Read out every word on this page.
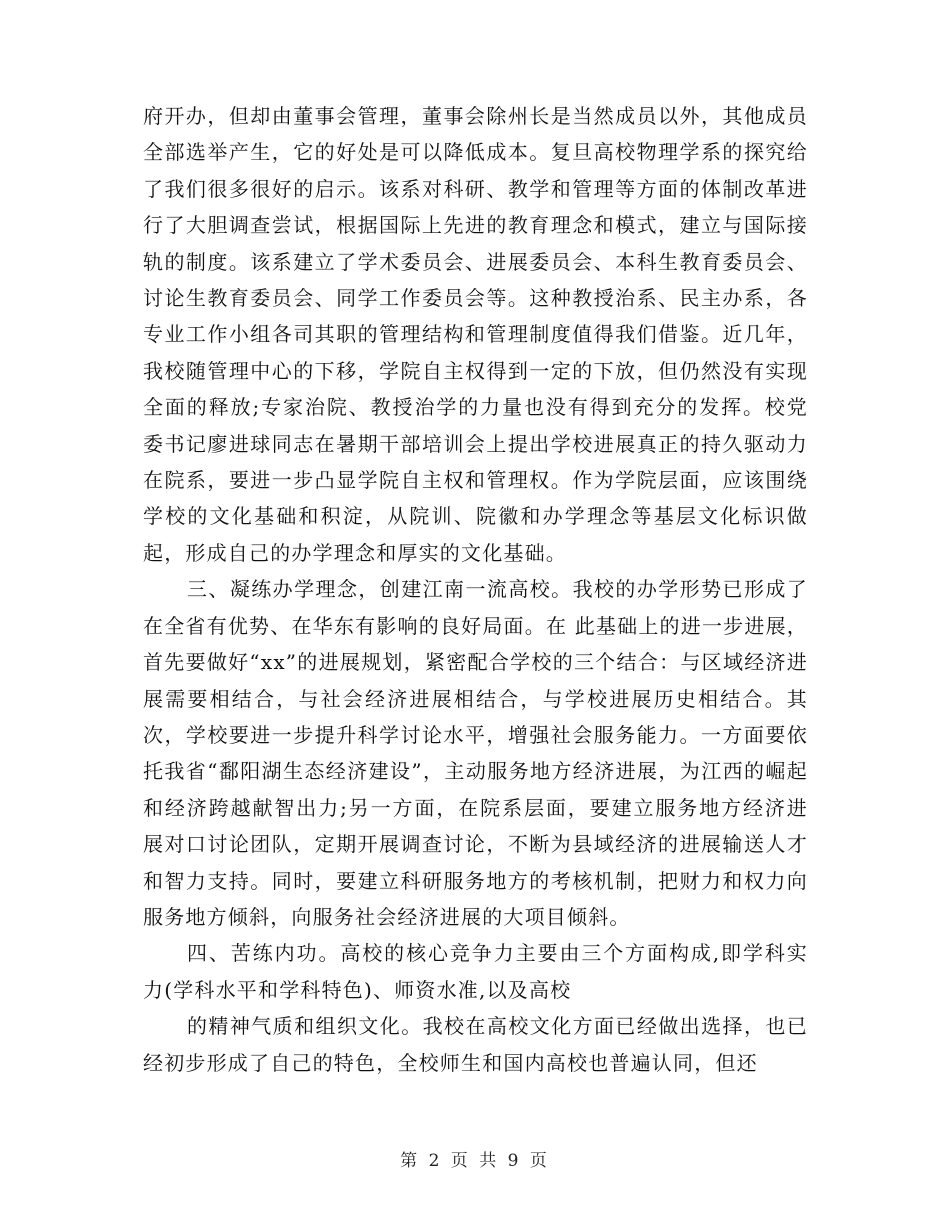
府开办，但却由董事会管理，董事会除州长是当然成员以外，其他成员全部选举产生，它的好处是可以降低成本。复旦高校物理学系的探究给了我们很多很好的启示。该系对科研、教学和管理等方面的体制改革进行了大胆调查尝试，根据国际上先进的教育理念和模式，建立与国际接轨的制度。该系建立了学术委员会、进展委员会、本科生教育委员会、讨论生教育委员会、同学工作委员会等。这种教授治系、民主办系，各专业工作小组各司其职的管理结构和管理制度值得我们借鉴。近几年，我校随管理中心的下移，学院自主权得到一定的下放，但仍然没有实现全面的释放;专家治院、教授治学的力量也没有得到充分的发挥。校党委书记廖进球同志在暑期干部培训会上提出学校进展真正的持久驱动力在院系，要进一步凸显学院自主权和管理权。作为学院层面，应该围绕学校的文化基础和积淀，从院训、院徽和办学理念等基层文化标识做起，形成自己的办学理念和厚实的文化基础。

三、凝练办学理念，创建江南一流高校。我校的办学形势已形成了在全省有优势、在华东有影响的良好局面。在 此基础上的进一步进展，首先要做好“xx”的进展规划，紧密配合学校的三个结合：与区域经济进展需要相结合，与社会经济进展相结合，与学校进展历史相结合。其次，学校要进一步提升科学讨论水平，增强社会服务能力。一方面要依托我省“鄱阳湖生态经济建设”，主动服务地方经济进展，为江西的崛起和经济跨越献智出力;另一方面，在院系层面，要建立服务地方经济进展对口讨论团队，定期开展调查讨论，不断为县域经济的进展输送人才和智力支持。同时，要建立科研服务地方的考核机制，把财力和权力向服务地方倾斜，向服务社会经济进展的大项目倾斜。

四、苦练内功。高校的核心竞争力主要由三个方面构成,即学科实力(学科水平和学科特色)、师资水准,以及高校

的精神气质和组织文化。我校在高校文化方面已经做出选择，也已经初步形成了自己的特色，全校师生和国内高校也普遍认同，但还

第 2 页 共 9 页
